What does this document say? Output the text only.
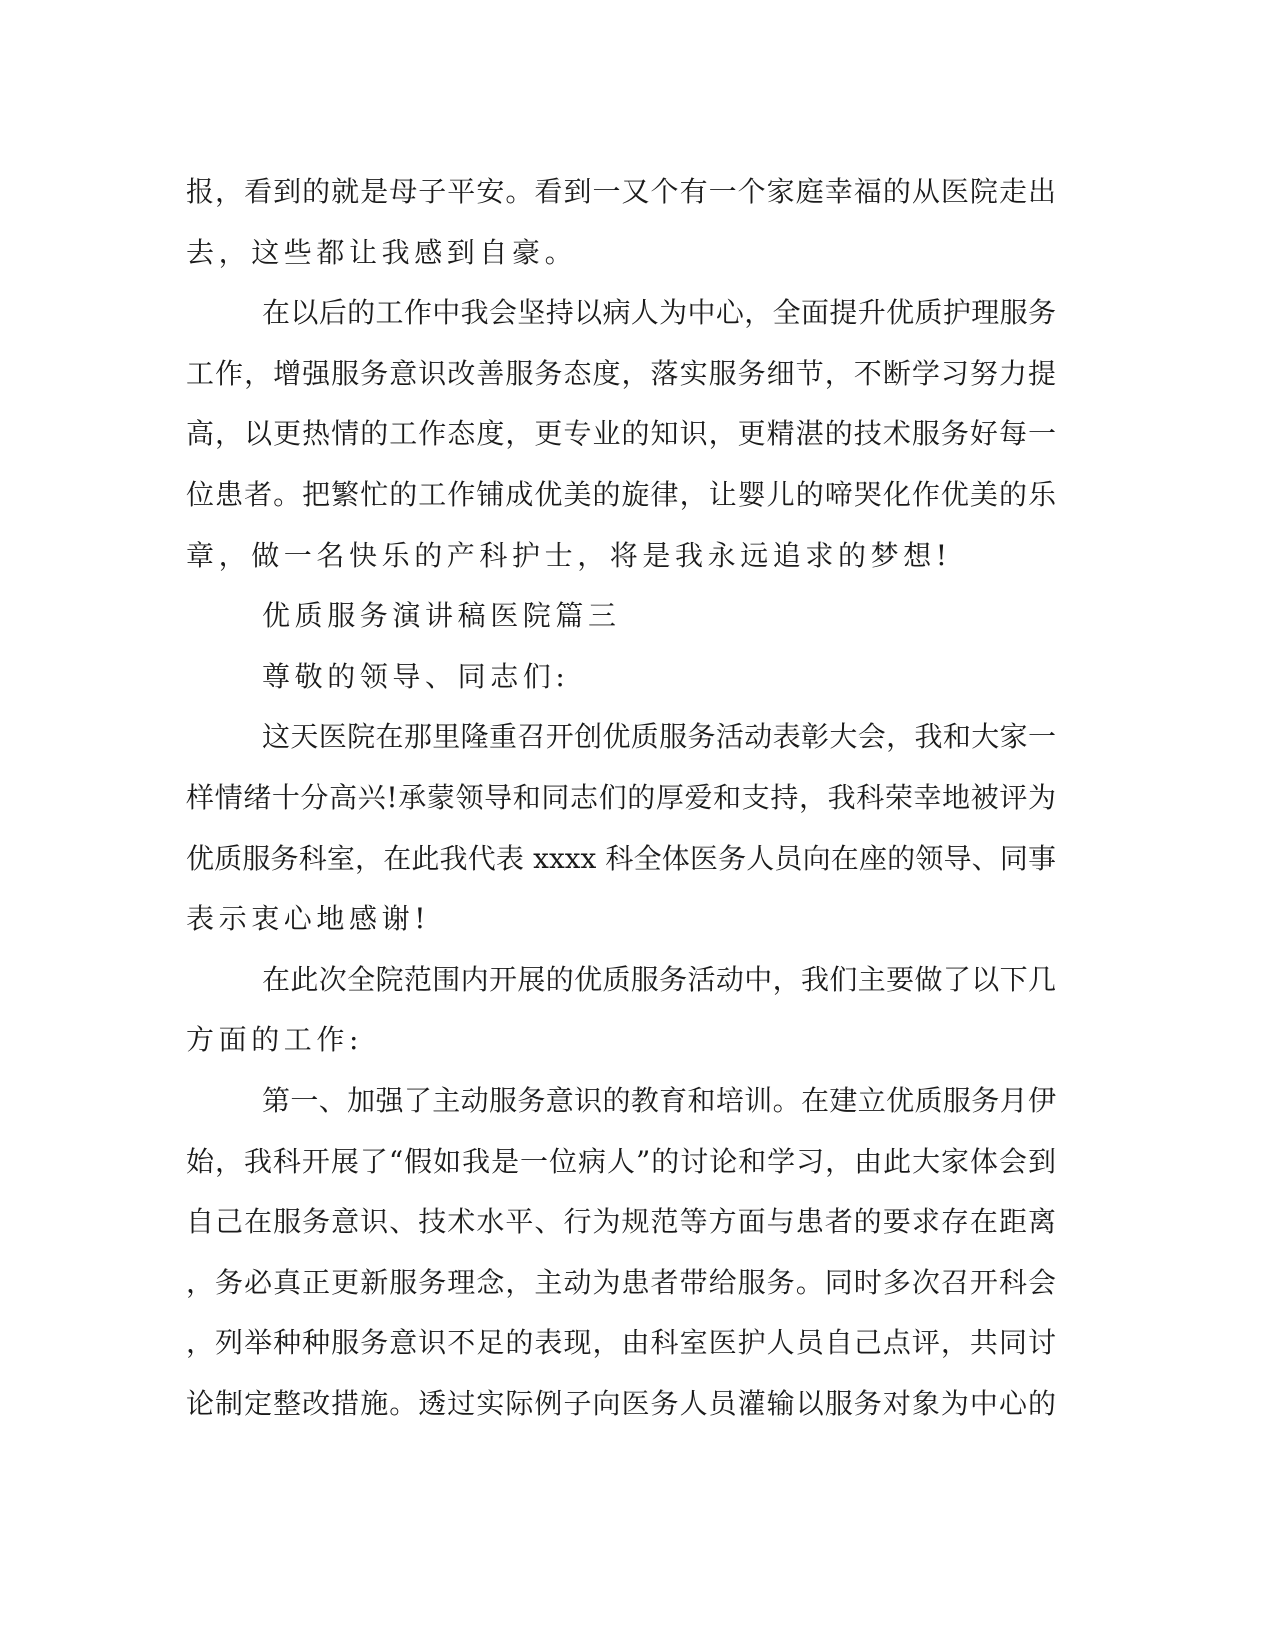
报，看到的就是母子平安。看到一又个有一个家庭幸福的从医院走出
去，这些都让我感到自豪。
在以后的工作中我会坚持以病人为中心，全面提升优质护理服务
工作，增强服务意识改善服务态度，落实服务细节，不断学习努力提
高，以更热情的工作态度，更专业的知识，更精湛的技术服务好每一
位患者。把繁忙的工作铺成优美的旋律，让婴儿的啼哭化作优美的乐
章，做一名快乐的产科护士，将是我永远追求的梦想!
优质服务演讲稿医院篇三
尊敬的领导、同志们:
这天医院在那里隆重召开创优质服务活动表彰大会，我和大家一
样情绪十分高兴!承蒙领导和同志们的厚爱和支持，我科荣幸地被评为
优质服务科室，在此我代表 xxxx 科全体医务人员向在座的领导、同事
表示衷心地感谢!
在此次全院范围内开展的优质服务活动中，我们主要做了以下几
方面的工作:
第一、加强了主动服务意识的教育和培训。在建立优质服务月伊
始，我科开展了“假如我是一位病人”的讨论和学习，由此大家体会到
自己在服务意识、技术水平、行为规范等方面与患者的要求存在距离
，务必真正更新服务理念，主动为患者带给服务。同时多次召开科会
，列举种种服务意识不足的表现，由科室医护人员自己点评，共同讨
论制定整改措施。透过实际例子向医务人员灌输以服务对象为中心的
